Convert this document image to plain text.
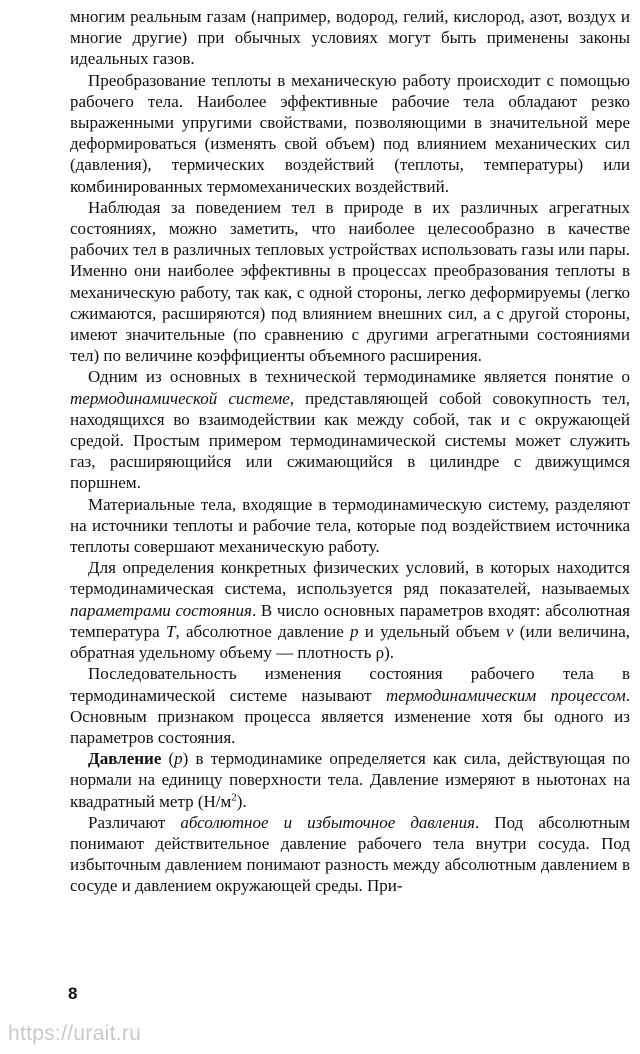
многим реальным газам (например, водород, гелий, кислород, азот, воздух и многие другие) при обычных условиях могут быть применены законы идеальных газов.

Преобразование теплоты в механическую работу происходит с помощью рабочего тела. Наиболее эффективные рабочие тела обладают резко выраженными упругими свойствами, позволяющими в значительной мере деформироваться (изменять свой объем) под влиянием механических сил (давления), термических воздействий (теплоты, температуры) или комбинированных термомеханических воздействий.

Наблюдая за поведением тел в природе в их различных агрегатных состояниях, можно заметить, что наиболее целесообразно в качестве рабочих тел в различных тепловых устройствах использовать газы или пары. Именно они наиболее эффективны в процессах преобразования теплоты в механическую работу, так как, с одной стороны, легко деформируемы (легко сжимаются, расширяются) под влиянием внешних сил, а с другой стороны, имеют значительные (по сравнению с другими агрегатными состояниями тел) по величине коэффициенты объемного расширения.

Одним из основных в технической термодинамике является понятие о термодинамической системе, представляющей собой совокупность тел, находящихся во взаимодействии как между собой, так и с окружающей средой. Простым примером термодинамической системы может служить газ, расширяющийся или сжимающийся в цилиндре с движущимся поршнем.

Материальные тела, входящие в термодинамическую систему, разделяют на источники теплоты и рабочие тела, которые под воздействием источника теплоты совершают механическую работу.

Для определения конкретных физических условий, в которых находится термодинамическая система, используется ряд показателей, называемых параметрами состояния. В число основных параметров входят: абсолютная температура T, абсолютное давление p и удельный объем v (или величина, обратная удельному объему — плотность ρ).

Последовательность изменения состояния рабочего тела в термодинамической системе называют термодинамическим процессом. Основным признаком процесса является изменение хотя бы одного из параметров состояния.

Давление (p) в термодинамике определяется как сила, действующая по нормали на единицу поверхности тела. Давление измеряют в ньютонах на квадратный метр $(Н/м^2)$.

Различают абсолютное и избыточное давления. Под абсолютным понимают действительное давление рабочего тела внутри сосуда. Под избыточным давлением понимают разность между абсолютным давлением в сосуде и давлением окружающей среды. При-

8
https://urait.ru
